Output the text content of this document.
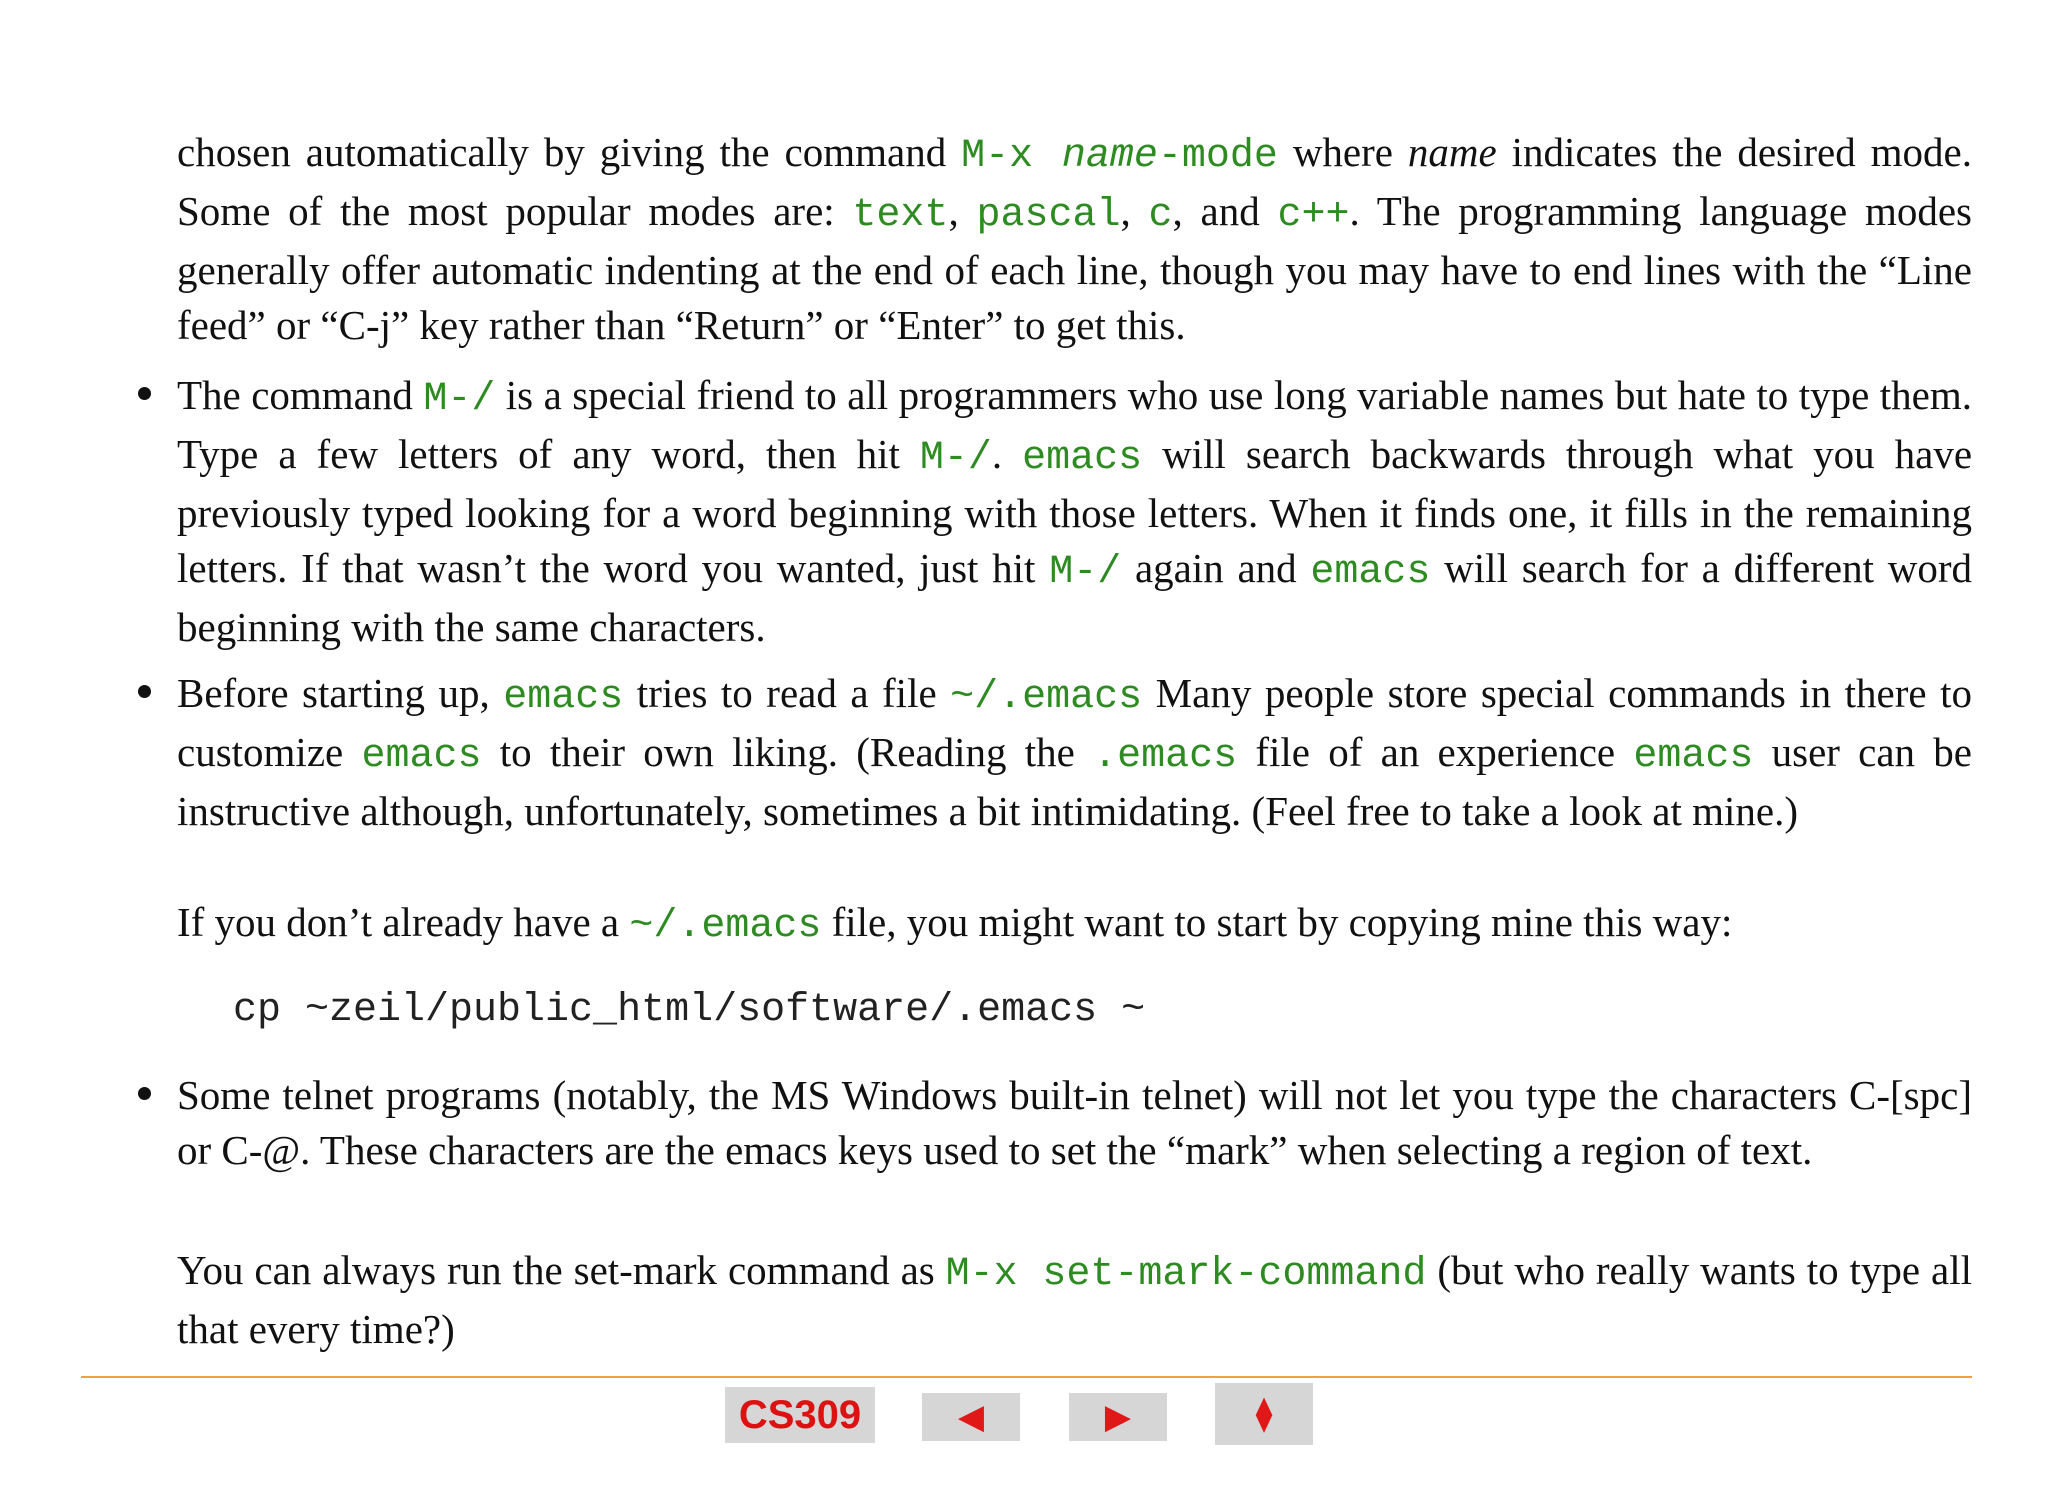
chosen automatically by giving the command M-x name-mode where name indicates the desired mode. Some of the most popular modes are: text, pascal, c, and c++. The programming language modes generally offer automatic indenting at the end of each line, though you may have to end lines with the “Line feed” or “C-j” key rather than “Return” or “Enter” to get this.

The command M-/ is a special friend to all programmers who use long variable names but hate to type them. Type a few letters of any word, then hit M-/. emacs will search backwards through what you have previously typed looking for a word beginning with those letters. When it finds one, it fills in the remaining letters. If that wasn’t the word you wanted, just hit M-/ again and emacs will search for a different word beginning with the same characters.

Before starting up, emacs tries to read a file ~/.emacs Many people store special commands in there to customize emacs to their own liking. (Reading the .emacs file of an experience emacs user can be instructive although, unfortunately, sometimes a bit intimidating. (Feel free to take a look at mine.)

If you don’t already have a ~/.emacs file, you might want to start by copying mine this way:

cp ~zeil/public_html/software/.emacs ~

Some telnet programs (notably, the MS Windows built-in telnet) will not let you type the characters C-[spc] or C-@. These characters are the emacs keys used to set the “mark” when selecting a region of text.

You can always run the set-mark command as M-x set-mark-command (but who really wants to type all that every time?)

CS309	◀	▶	⧫
